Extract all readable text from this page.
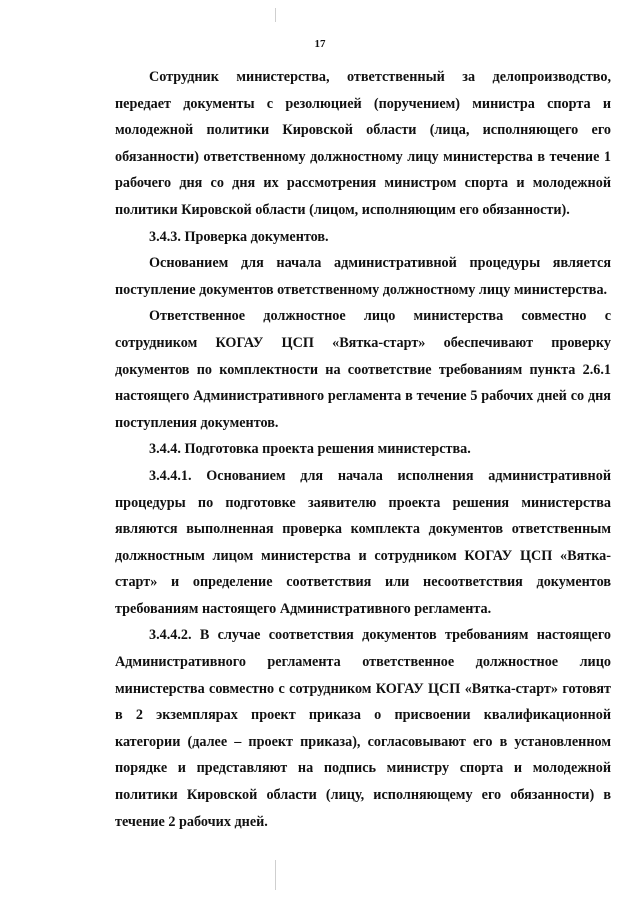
17

Сотрудник министерства, ответственный за делопроизводство, передает документы с резолюцией (поручением) министра спорта и молодежной политики Кировской области (лица, исполняющего его обязанности) ответственному должностному лицу министерства в течение 1 рабочего дня со дня их рассмотрения министром спорта и молодежной политики Кировской области (лицом, исполняющим его обязанности).

3.4.3. Проверка документов.

Основанием для начала административной процедуры является поступление документов ответственному должностному лицу министерства.

Ответственное должностное лицо министерства совместно с сотрудником КОГАУ ЦСП «Вятка-старт» обеспечивают проверку документов по комплектности на соответствие требованиям пункта 2.6.1 настоящего Административного регламента в течение 5 рабочих дней со дня поступления документов.

3.4.4. Подготовка проекта решения министерства.

3.4.4.1. Основанием для начала исполнения административной процедуры по подготовке заявителю проекта решения министерства являются выполненная проверка комплекта документов ответственным должностным лицом министерства и сотрудником КОГАУ ЦСП «Вятка-старт» и определение соответствия или несоответствия документов требованиям настоящего Административного регламента.

3.4.4.2. В случае соответствия документов требованиям настоящего Административного регламента ответственное должностное лицо министерства совместно с сотрудником КОГАУ ЦСП «Вятка-старт» готовят в 2 экземплярах проект приказа о присвоении квалификационной категории (далее – проект приказа), согласовывают его в установленном порядке и представляют на подпись министру спорта и молодежной политики Кировской области (лицу, исполняющему его обязанности) в течение 2 рабочих дней.
